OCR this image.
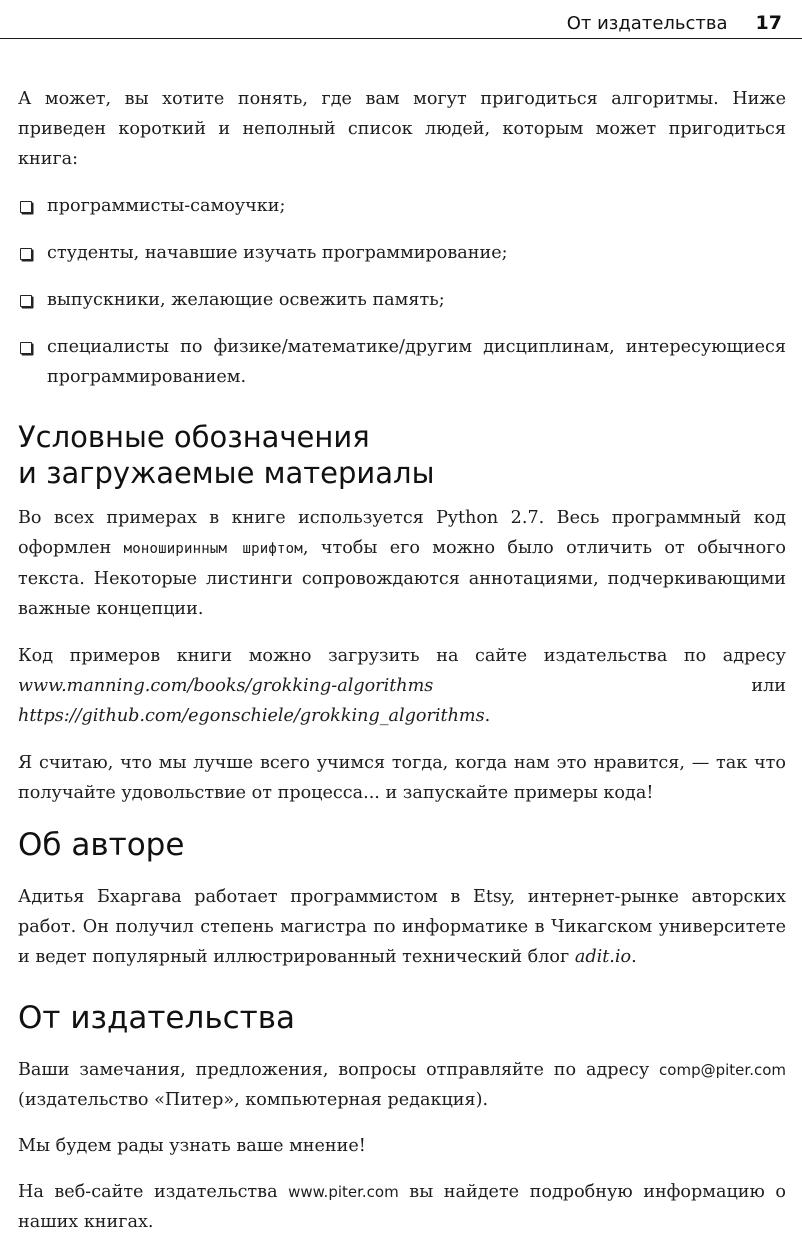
От издательства 17

А может, вы хотите понять, где вам могут пригодиться алгоритмы. Ниже приведен короткий и неполный список людей, которым может пригодиться книга:

программисты-самоучки;
студенты, начавшие изучать программирование;
выпускники, желающие освежить память;
специалисты по физике/математике/другим дисциплинам, интересующиеся программированием.
Условные обозначения
и загружаемые материалы

Во всех примерах в книге используется Python 2.7. Весь программный код оформлен моноширинным шрифтом, чтобы его можно было отличить от обычного текста. Некоторые листинги сопровождаются аннотациями, подчеркивающими важные концепции.

Код примеров книги можно загрузить на сайте издательства по адресу www.manning.com/books/grokking-algorithms или https://github.com/egonschiele/grokking_algorithms.

Я считаю, что мы лучше всего учимся тогда, когда нам это нравится, — так что получайте удовольствие от процесса... и запускайте примеры кода!

Об авторе

Адитья Бхаргава работает программистом в Etsy, интернет-рынке авторских работ. Он получил степень магистра по информатике в Чикагском университете и ведет популярный иллюстрированный технический блог adit.io.

От издательства

Ваши замечания, предложения, вопросы отправляйте по адресу comp@piter.com (издательство «Питер», компьютерная редакция).

Мы будем рады узнать ваше мнение!

На веб-сайте издательства www.piter.com вы найдете подробную информацию о наших книгах.
